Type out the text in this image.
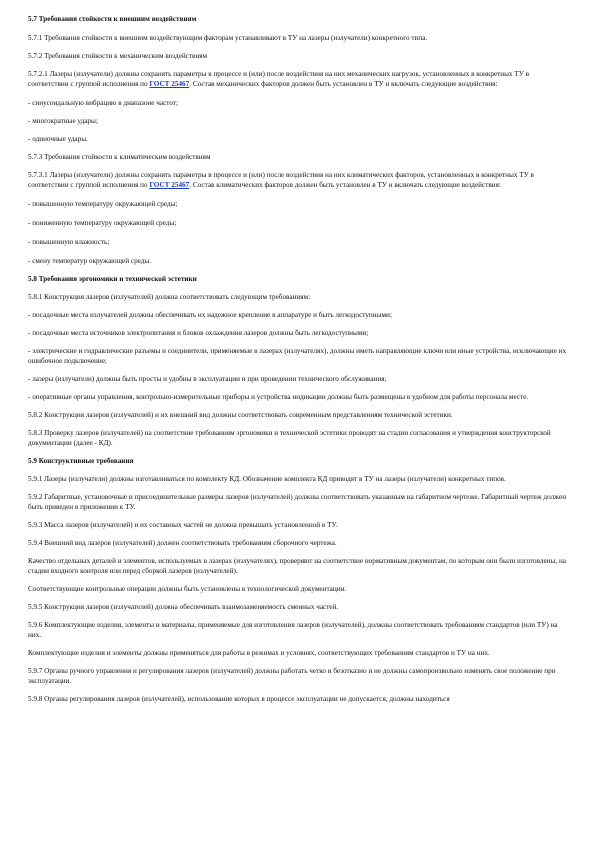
5.7 Требования стойкости к внешним воздействиям

5.7.1 Требования стойкости к внешним воздействующим факторам устанавливают в ТУ на лазеры (излучатели) конкретного типа.

5.7.2 Требования стойкости к механическим воздействиям

5.7.2.1 Лазеры (излучатели) должны сохранять параметры в процессе и (или) после воздействия на них механических нагрузок, установленных в конкретных ТУ в соответствии с группой исполнения по ГОСТ 25467. Состав механических факторов должен быть установлен в ТУ и включать следующие воздействия:

- синусоидальную вибрацию в диапазоне частот;

- многократные удары;

- одиночные удары.

5.7.3 Требования стойкости к климатическим воздействиям

5.7.3.1 Лазеры (излучатели) должны сохранять параметры в процессе и (или) после воздействия на них климатических факторов, установленных в конкретных ТУ в соответствии с группой исполнения по ГОСТ 25467. Состав климатических факторов должен быть установлен в ТУ и включать следующие воздействия:

- повышенную температуру окружающей среды;

- пониженную температуру окружающей среды;

- повышенную влажность;

- смену температур окружающей среды.

5.8 Требования эргономики и технической эстетики

5.8.1 Конструкция лазеров (излучателей) должна соответствовать следующим требованиям:

- посадочные места излучателей должны обеспечивать их надежное крепление в аппаратуре и быть легкодоступными;

- посадочные места источников электропитания и блоков охлаждения лазеров должны быть легкодоступными;

- электрические и гидравлические разъемы и соединители, применяемые в лазерах (излучателях), должны иметь направляющие ключи или иные устройства, исключающие их ошибочное подключение;

- лазеры (излучатели) должны быть просты и удобны в эксплуатации и при проведении технического обслуживания;

- оперативные органы управления, контрольно-измерительные приборы и устройства индикации должны быть размещены в удобном для работы персонала месте.

5.8.2 Конструкция лазеров (излучателей) и их внешний вид должны соответствовать современным представлениям технической эстетики.

5.8.3 Проверку лазеров (излучателей) на соответствие требованиям эргономики и технической эстетики проводят на стадии согласования и утверждения конструкторской документации (далее - КД).

5.9 Конструктивные требования

5.9.1 Лазеры (излучатели) должны изготавливаться по комплекту КД. Обозначение комплекта КД приводят в ТУ на лазеры (излучатели) конкретных типов.

5.9.2 Габаритные, установочные и присоединительные размеры лазеров (излучателей) должны соответствовать указанным на габаритном чертеже. Габаритный чертеж должен быть приведен в приложении к ТУ.

5.9.3 Масса лазеров (излучателей) и их составных частей не должна превышать установленной в ТУ.

5.9.4 Внешний вид лазеров (излучателей) должен соответствовать требованиям сборочного чертежа.

Качество отдельных деталей и элементов, используемых в лазерах (излучателях), проверяют на соответствие нормативным документам, по которым они были изготовлены, на стадии входного контроля или перед сборкой лазеров (излучателей).

Соответствующие контрольные операции должны быть установлены в технологической документации.

5.9.5 Конструкция лазеров (излучателей) должна обеспечивать взаимозаменяемость сменных частей.

5.9.6 Комплектующие изделия, элементы и материалы, применяемые для изготовления лазеров (излучателей), должны соответствовать требованиям стандартов (или ТУ) на них.

Комплектующие изделия и элементы должны применяться для работы в режимах и условиях, соответствующих требованиям стандартов и ТУ на них.

5.9.7 Органы ручного управления и регулирования лазеров (излучателей) должны работать четко и безотказно и не должны самопроизвольно изменять свое положение при эксплуатации.

5.9.8 Органы регулирования лазеров (излучателей), использование которых в процессе эксплуатации не допускается, должны находиться
